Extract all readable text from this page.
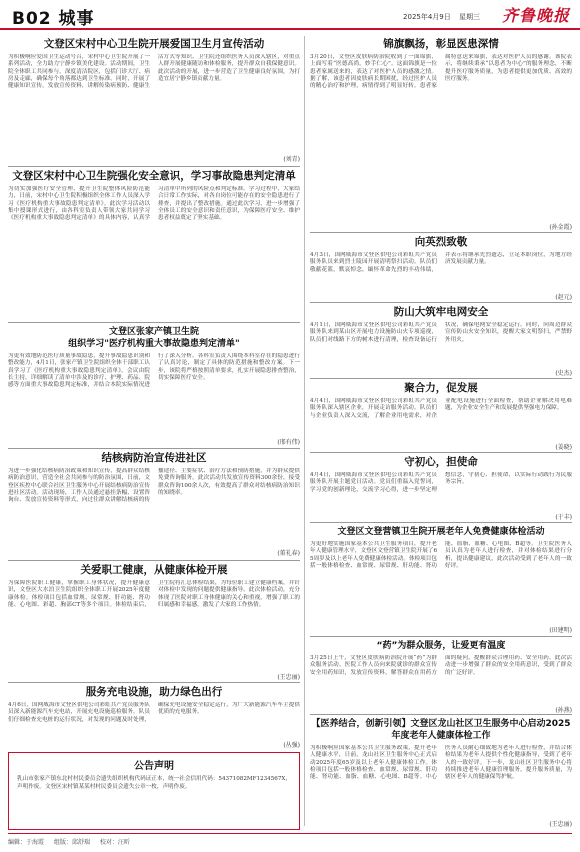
B02 城事	2025年4月9日 星期三 齐鲁晚报
文登区宋村中心卫生院开展爱国卫生月宣传活动
为积极响应爱国卫生运动号召，宋村中心卫生院开展了一系列活动，全力助力宁静乡镇美化建设。活动期间，卫生院全体职工共同参与，深度清洁院区，包括门诊大厅、病房及走廊，确保每个角落都达到卫生标准。同时，开展了健康知识宣传，发放宣传资料，讲解传染病预防、健康生活方式等知识。卫生院还组织医务人员深入辖区，对重点人群开展健康随访和体检服务，提升群众自我保健意识。此次活动的开展，进一步营造了卫生健康良好氛围，为打造宜居宁静乡镇贡献力量。
(刘青)
文登区宋村中心卫生院强化安全意识，学习事故隐患判定清单
为切实加强医疗安全管理，提升卫生院整体风险防范能力，日前，宋村中心卫生院积极组织全体工作人员深入学习《医疗机构重大事故隐患判定清单》。此次学习活动以集中授课形式进行，由各科室负责人带领大家共同学习《医疗机构重大事故隐患判定清单》的具体内容，认真学习清单中所列的风险点和判定标准。学习过程中，大家结合日常工作实际，对各自岗位可能存在的安全隐患进行了排查，并提出了整改措施。通过此次学习，进一步增强了全体员工的安全意识和责任意识，为保障医疗安全、维护患者权益奠定了坚实基础。
文登区张家产镇卫生院
组织学习"医疗机构重大事故隐患判定清单"
为更有效地防范医疗质量事故隐患，提升事故隐患识别和整改能力，4月1日，张家产镇卫生院组织全体干部职工认真学习了《医疗机构重大事故隐患判定清单》。会议由院长主持，详细解读了清单中涉及的诊疗、护理、药品、院感等方面重大事故隐患判定标准，并结合本院实际情况进行了深入分析。各科室负责人围绕本科室存在的隐患进行了认真讨论，制定了具体的防范措施和整改方案。下一步，该院将严格按照清单要求，扎实开展隐患排查整治，切实保障医疗安全。
(邢有伟)
结核病防治宣传进社区
为进一步强化结核病防治政策和知识宣传，提高群众结核病防治意识，营造全社会共同参与的防治氛围，日前，文登区疾控中心联合社区卫生服务中心开展结核病防治宣传进社区活动。活动现场，工作人员通过悬挂条幅、设置咨询台、发放宣传资料等形式，向过往群众讲解结核病的传播途径、主要症状、治疗方法和预防措施，并为群众提供免费咨询服务。此次活动共发放宣传资料300余份，接受群众咨询100余人次，有效提高了群众对结核病防治知识的知晓率。
(董礼春)
关爱职工健康，从健康体检开展
为保障医院职工健康，掌握职工身体状况，提升健康意识，文登区大水泊卫生院组织全体职工开展2025年度健康体检。体检项目包括血常规、尿常规、肝功能、肾功能、心电图、彩超、胸部CT等多个项目。体检结束后，卫生院将汇总体检结果，为每位职工建立健康档案，并针对体检中发现的问题提供健康指导。此次体检活动，充分体现了医院对职工身体健康的关心和重视，增强了职工的归属感和幸福感，激发了大家的工作热情。
(王忠丽)
服务充电设施，助力绿色出行
4月6日，国网威海市文登区供电公司彩虹共产党员服务队员深入新能源汽车充电站，开展充电设施巡检服务。队员们仔细检查充电桩的运行状况，对发现的问题及时处理，确保充电设施安全稳定运行，为广大新能源汽车车主提供优质的充电服务。
(丛强)
公告声明

乳山市张家产镇东北村村民委员会遗失组织机构代码证正本，统一社会信用代码：54371082MF1234567X，声明作废。文登区宋村镇某某村村民委员会遗失公章一枚，声明作废。

锦旗飘扬，彰显医患深情
3月20日，文登区皮肤病防治院收到了一面锦旗，上面写着“医德高尚，妙手仁心”。这面锦旗是一位患者家属送来的，表达了对医护人员的感激之情。据了解，该患者因皮肤病长期困扰，经过医护人员的精心治疗和护理，病情得到了明显好转。患者家属特意送来锦旗，表达对医护人员的感谢。该院表示，将继续秉承“以患者为中心”的服务理念，不断提升医疗服务质量，为患者提供更加优质、高效的医疗服务。
(孙金霞)
向英烈致敬
4月3日，国网威海市文登区供电公司彩虹共产党员服务队员来到烈士陵园开展清明祭扫活动。队员们敬献花篮，默哀悼念，缅怀革命先烈的丰功伟绩，并表示将继承先烈遗志，立足本职岗位，为地方经济发展贡献力量。
(赵元)
防山大筑牢电网安全
4月1日，国网威海市文登区供电公司彩虹共产党员服务队来到某山区开展电力设施防山火专项巡视，队员们对线路下方的树木进行清理，检查设备运行状况，确保电网安全稳定运行。同时，向周边群众宣传防山火安全知识，提醒大家文明祭扫，严禁野外用火。
(史杰)
聚合力，促发展
4月4日，国网威海市文登区供电公司彩虹共产党员服务队深入辖区企业，开展走访服务活动。队员们与企业负责人深入交流，了解企业用电需求，对企业配电设施进行全面检查，帮助企业解决用电难题，为企业安全生产和发展提供坚强电力保障。
(姜晓)
守初心，担使命
4月4日，国网威海市文登区供电公司彩虹共产党员服务队开展主题党日活动。党员们重温入党誓词，学习党的创新理论，交流学习心得，进一步坚定理想信念，守初心、担使命，以实际行动践行为民服务宗旨。
(于丰)
文登区文登营镇卫生院开展老年人免费健康体检活动
为更好地实施国家基本公共卫生服务项目，提升老年人健康管理水平，文登区文登营镇卫生院开展了65周岁及以上老年人免费健康体检活动。体检项目包括一般体格检查、血常规、尿常规、肝功能、肾功能、血脂、血糖、心电图、B超等。卫生院医务人员认真为老年人进行检查，并对体检结果进行分析，提出健康建议。此次活动受到了老年人的一致好评。
(田建明)
“药”为群众服务，让爱更有温度
3月25日上午，文登区皮肤病防治院开展“药”为群众服务活动。医院工作人员向来院就诊的群众宣传安全用药知识，发放宣传资料，解答群众在用药方面的疑问，提醒群众合理用药、安全用药。此次活动进一步增强了群众的安全用药意识，受到了群众的广泛好评。
(孙燕)
【医养结合，创新引领】文登区龙山社区卫生服务中心启动2025年度老年人健康体检工作
为积极响应国家基本公共卫生服务政策，提升老年人健康水平，日前，龙山社区卫生服务中心正式启动2025年度65岁及以上老年人健康体检工作。体检项目包括一般体格检查、血常规、尿常规、肝功能、肾功能、血脂、血糖、心电图、B超等。中心医务人员耐心细致地为老年人进行检查，并结合体检结果为老年人提供个性化健康指导，受到了老年人的一致好评。下一步，龙山社区卫生服务中心将持续推进老年人健康管理服务，提升服务质量，为辖区老年人的健康保驾护航。
(王忠丽)
编辑：于海霞 组版：邱舒瑞 校对：汪昕
